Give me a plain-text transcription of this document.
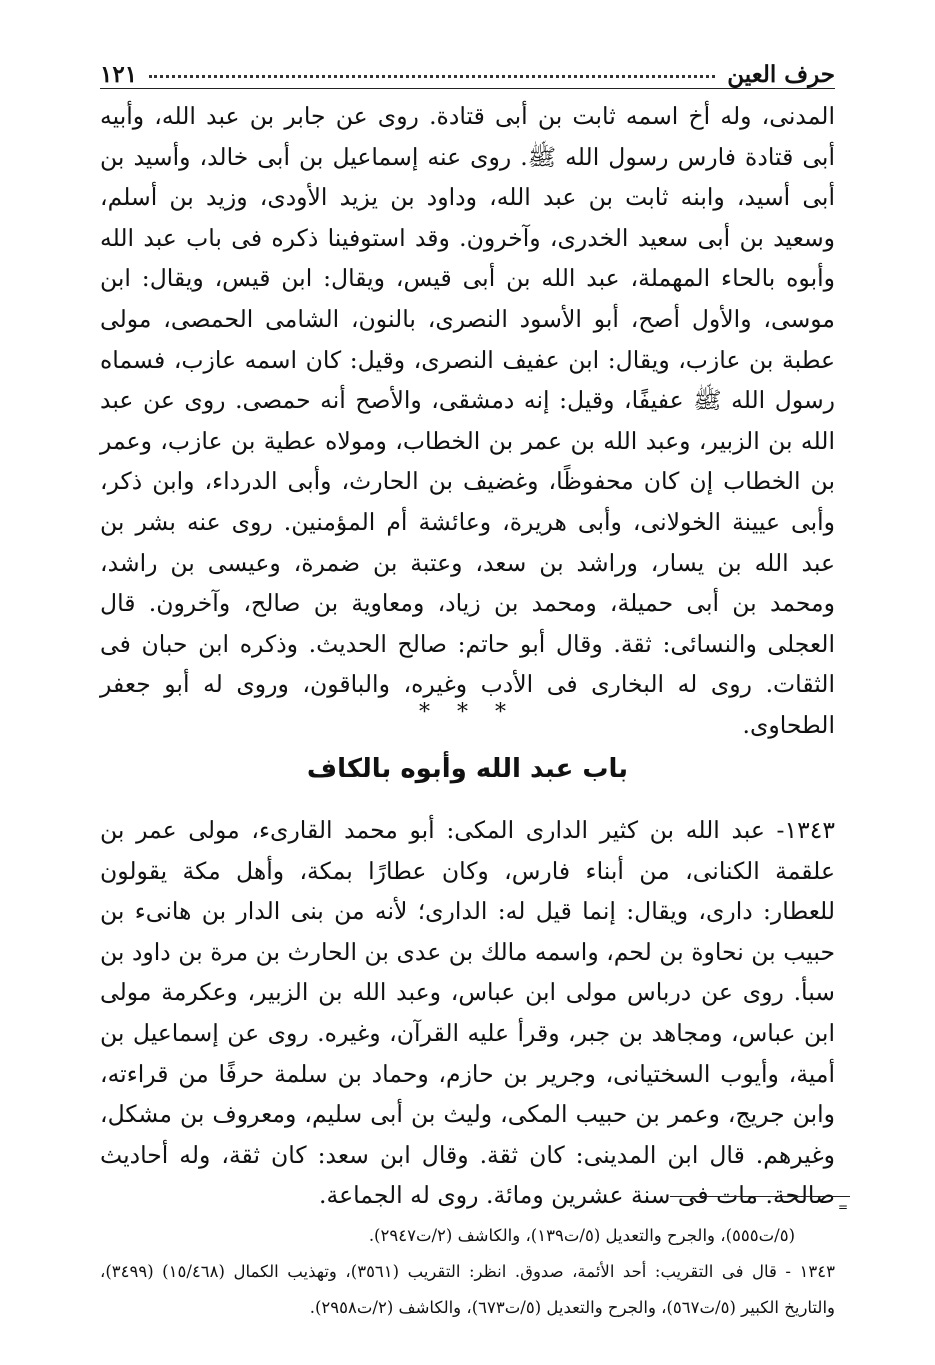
حرف العين
١٢١

المدنى، وله أخ اسمه ثابت بن أبى قتادة. روى عن جابر بن عبد الله، وأبيه أبى قتادة فارس رسول الله ﷺ. روى عنه إسماعيل بن أبى خالد، وأسيد بن أبى أسيد، وابنه ثابت بن عبد الله، وداود بن يزيد الأودى، وزيد بن أسلم، وسعيد بن أبى سعيد الخدرى، وآخرون. وقد استوفينا ذكره فى باب عبد الله وأبوه بالحاء المهملة، عبد الله بن أبى قيس، ويقال: ابن قيس، ويقال: ابن موسى، والأول أصح، أبو الأسود النصرى، بالنون، الشامى الحمصى، مولى عطبة بن عازب، ويقال: ابن عفيف النصرى، وقيل: كان اسمه عازب، فسماه رسول الله ﷺ عفيفًا، وقيل: إنه دمشقى، والأصح أنه حمصى. روى عن عبد الله بن الزبير، وعبد الله بن عمر بن الخطاب، ومولاه عطية بن عازب، وعمر بن الخطاب إن كان محفوظًا، وغضيف بن الحارث، وأبى الدرداء، وابن ذكر، وأبى عيينة الخولانى، وأبى هريرة، وعائشة أم المؤمنين. روى عنه بشر بن عبد الله بن يسار، وراشد بن سعد، وعتبة بن ضمرة، وعيسى بن راشد، ومحمد بن أبى حميلة، ومحمد بن زياد، ومعاوية بن صالح، وآخرون. قال العجلى والنسائى: ثقة. وقال أبو حاتم: صالح الحديث. وذكره ابن حبان فى الثقات. روى له البخارى فى الأدب وغيره، والباقون، وروى له أبو جعفر الطحاوى.

* * *
باب عبد الله وأبوه بالكاف

١٣٤٣- عبد الله بن كثير الدارى المكى: أبو محمد القارىء، مولى عمر بن علقمة الكنانى، من أبناء فارس، وكان عطارًا بمكة، وأهل مكة يقولون للعطار: دارى، ويقال: إنما قيل له: الدارى؛ لأنه من بنى الدار بن هانىء بن حبيب بن نحاوة بن لحم، واسمه مالك بن عدى بن الحارث بن مرة بن داود بن سبأ. روى عن درباس مولى ابن عباس، وعبد الله بن الزبير، وعكرمة مولى ابن عباس، ومجاهد بن جبر، وقرأ عليه القرآن، وغيره. روى عن إسماعيل بن أمية، وأيوب السختيانى، وجرير بن حازم، وحماد بن سلمة حرفًا من قراءته، وابن جريج، وعمر بن حبيب المكى، وليث بن أبى سليم، ومعروف بن مشكل، وغيرهم. قال ابن المدينى: كان ثقة. وقال ابن سعد: كان ثقة، وله أحاديث صالحة. مات فى سنة عشرين ومائة. روى له الجماعة. =

(٥/ت٥٥٥)، والجرح والتعديل (٥/ت١٣٩)، والكاشف (٢/ت٢٩٤٧).

١٣٤٣ - قال فى التقريب: أحد الأئمة، صدوق. انظر: التقريب (٣٥٦١)، وتهذيب الكمال (١٥/٤٦٨) (٣٤٩٩)، والتاريخ الكبير (٥/ت٥٦٧)، والجرح والتعديل (٥/ت٦٧٣)، والكاشف (٢/ت٢٩٥٨).
